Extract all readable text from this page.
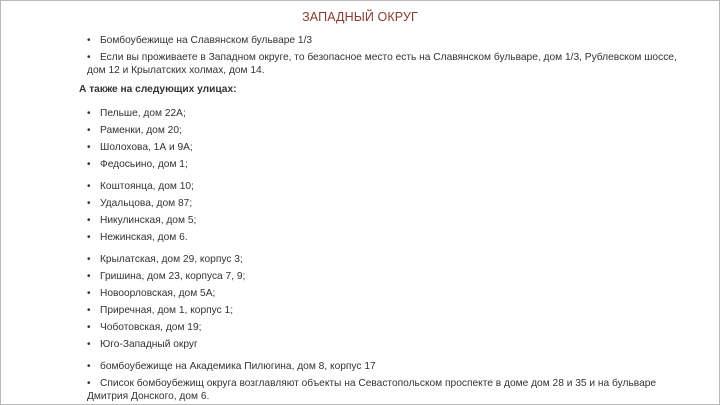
ЗАПАДНЫЙ ОКРУГ
• Бомбоубежище на Славянском бульваре 1/3
• Если вы проживаете в Западном округе, то безопасное место есть на Славянском бульваре, дом 1/3, Рублевском шоссе,
дом 12 и Крылатских холмах, дом 14.

А также на следующих улицах:

• Пельше, дом 22А;
• Раменки, дом 20;
• Шолохова, 1А и 9А;
• Федосьино, дом 1;
• Коштоянца, дом 10;
• Удальцова, дом 87;
• Никулинская, дом 5;
• Нежинская, дом 6.
• Крылатская, дом 29, корпус 3;
• Гришина, дом 23, корпуса 7, 9;
• Новоорловская, дом 5А;
• Приречная, дом 1, корпус 1;
• Чоботовская, дом 19;
• Юго-Западный округ
• бомбоубежище на Академика Пилюгина, дом 8, корпус 17
• Список бомбоубежищ округа возглавляют объекты на Севастопольском проспекте в доме дом 28 и 35 и на бульваре
Дмитрия Донского, дом 6.
